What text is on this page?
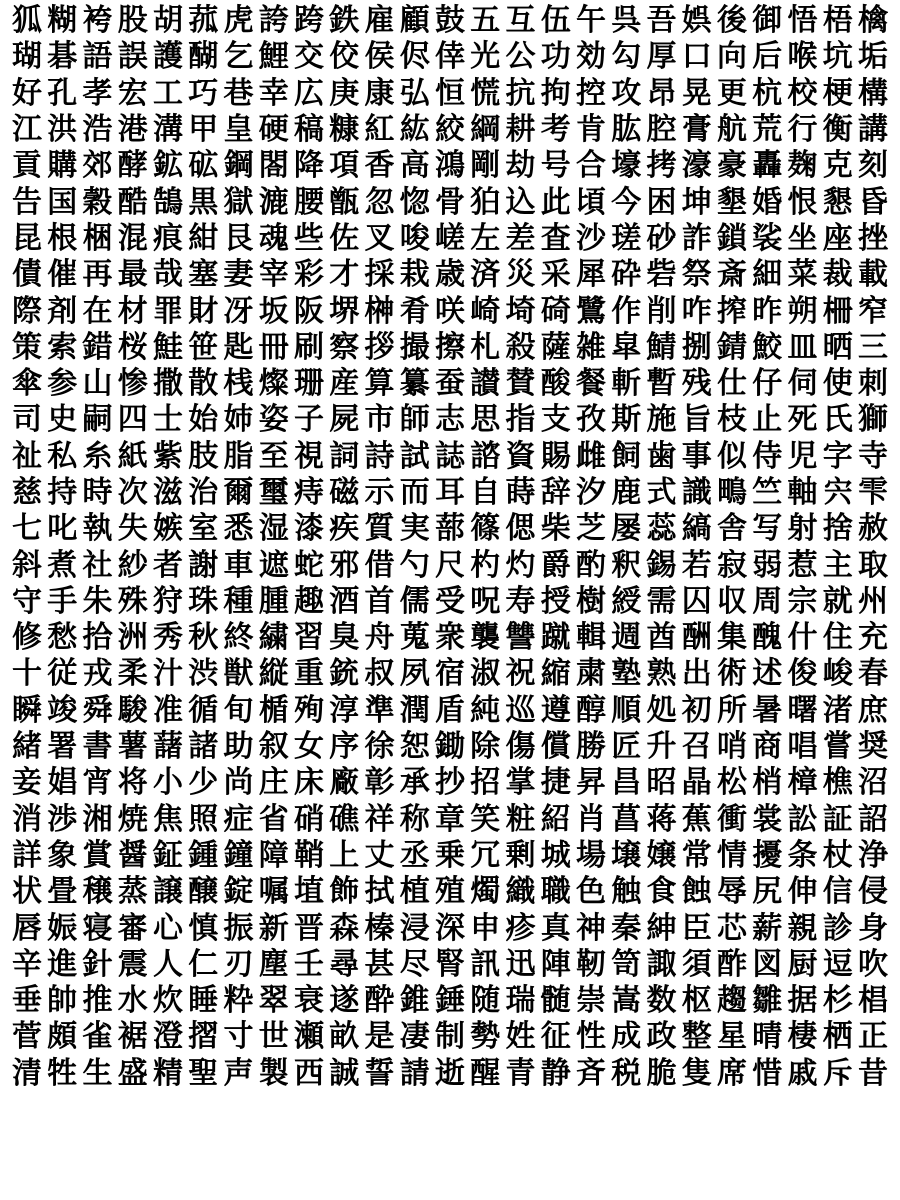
狐 糊 袴 股 胡 菰 虎 誇 跨 鉄 雇 顧 鼓 五 互 伍 午 呉 吾 娯 後 御 悟 梧 檎
瑚 碁 語 誤 護 醐 乞 鯉 交 佼 侯 侭 倖 光 公 功 効 勾 厚 口 向 后 喉 坑 垢
好 孔 孝 宏 工 巧 巷 幸 広 庚 康 弘 恒 慌 抗 拘 控 攻 昂 晃 更 杭 校 梗 構
江 洪 浩 港 溝 甲 皇 硬 稿 糠 紅 紘 絞 綱 耕 考 肯 肱 腔 膏 航 荒 行 衡 講
貢 購 郊 酵 鉱 砿 鋼 閤 降 項 香 高 鴻 剛 劫 号 合 壕 拷 濠 豪 轟 麹 克 刻
告 国 穀 酷 鵠 黒 獄 漉 腰 甑 忽 惚 骨 狛 込 此 頃 今 困 坤 墾 婚 恨 懇 昏
昆 根 梱 混 痕 紺 艮 魂 些 佐 叉 唆 嵯 左 差 査 沙 瑳 砂 詐 鎖 裟 坐 座 挫
債 催 再 最 哉 塞 妻 宰 彩 才 採 栽 歳 済 災 采 犀 砕 砦 祭 斎 細 菜 裁 載
際 剤 在 材 罪 財 冴 坂 阪 堺 榊 肴 咲 崎 埼 碕 鷺 作 削 咋 搾 昨 朔 柵 窄
策 索 錯 桜 鮭 笹 匙 冊 刷 察 拶 撮 擦 札 殺 薩 雑 皐 鯖 捌 錆 鮫 皿 晒 三
傘 参 山 惨 撒 散 桟 燦 珊 産 算 纂 蚕 讃 賛 酸 餐 斬 暫 残 仕 仔 伺 使 刺
司 史 嗣 四 士 始 姉 姿 子 屍 市 師 志 思 指 支 孜 斯 施 旨 枝 止 死 氏 獅
祉 私 糸 紙 紫 肢 脂 至 視 詞 詩 試 誌 諮 資 賜 雌 飼 歯 事 似 侍 児 字 寺
慈 持 時 次 滋 治 爾 璽 痔 磁 示 而 耳 自 蒔 辞 汐 鹿 式 識 鴫 竺 軸 宍 雫
七 叱 執 失 嫉 室 悉 湿 漆 疾 質 実 蔀 篠 偲 柴 芝 屡 蕊 縞 舎 写 射 捨 赦
斜 煮 社 紗 者 謝 車 遮 蛇 邪 借 勺 尺 杓 灼 爵 酌 釈 錫 若 寂 弱 惹 主 取
守 手 朱 殊 狩 珠 種 腫 趣 酒 首 儒 受 呪 寿 授 樹 綬 需 囚 収 周 宗 就 州
修 愁 拾 洲 秀 秋 終 繍 習 臭 舟 蒐 衆 襲 讐 蹴 輯 週 酋 酬 集 醜 什 住 充
十 従 戎 柔 汁 渋 獣 縦 重 銃 叔 夙 宿 淑 祝 縮 粛 塾 熟 出 術 述 俊 峻 春
瞬 竣 舜 駿 准 循 旬 楯 殉 淳 準 潤 盾 純 巡 遵 醇 順 処 初 所 暑 曙 渚 庶
緒 署 書 薯 藷 諸 助 叙 女 序 徐 恕 鋤 除 傷 償 勝 匠 升 召 哨 商 唱 嘗 奨
妾 娼 宵 将 小 少 尚 庄 床 廠 彰 承 抄 招 掌 捷 昇 昌 昭 晶 松 梢 樟 樵 沼
消 渉 湘 焼 焦 照 症 省 硝 礁 祥 称 章 笑 粧 紹 肖 菖 蒋 蕉 衝 裳 訟 証 詔
詳 象 賞 醤 鉦 鍾 鐘 障 鞘 上 丈 丞 乗 冗 剰 城 場 壌 嬢 常 情 擾 条 杖 浄
状 畳 穣 蒸 譲 醸 錠 嘱 埴 飾 拭 植 殖 燭 織 職 色 触 食 蝕 辱 尻 伸 信 侵
唇 娠 寝 審 心 慎 振 新 晋 森 榛 浸 深 申 疹 真 神 秦 紳 臣 芯 薪 親 診 身
辛 進 針 震 人 仁 刃 塵 壬 尋 甚 尽 腎 訊 迅 陣 靭 笥 諏 須 酢 図 厨 逗 吹
垂 帥 推 水 炊 睡 粋 翠 衰 遂 酔 錐 錘 随 瑞 髄 崇 嵩 数 枢 趨 雛 据 杉 椙
菅 頗 雀 裾 澄 摺 寸 世 瀬 畝 是 凄 制 勢 姓 征 性 成 政 整 星 晴 棲 栖 正
清 牲 生 盛 精 聖 声 製 西 誠 誓 請 逝 醒 青 静 斉 税 脆 隻 席 惜 戚 斥 昔
